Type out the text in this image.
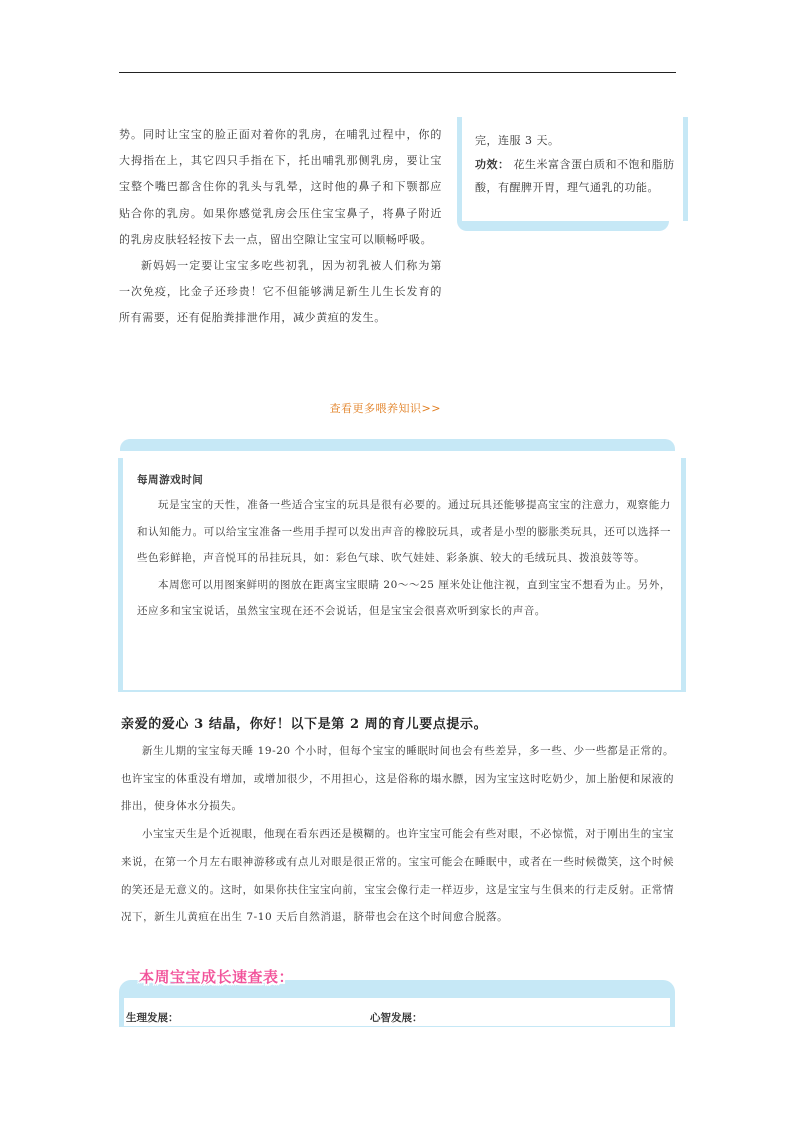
势。同时让宝宝的脸正面对着你的乳房，在哺乳过程中，你的大拇指在上，其它四只手指在下，托出哺乳那侧乳房，要让宝宝整个嘴巴都含住你的乳头与乳晕，这时他的鼻子和下颚都应贴合你的乳房。如果你感觉乳房会压住宝宝鼻子，将鼻子附近的乳房皮肤轻轻按下去一点，留出空隙让宝宝可以顺畅呼吸。

新妈妈一定要让宝宝多吃些初乳，因为初乳被人们称为第一次免疫，比金子还珍贵！它不但能够满足新生儿生长发育的所有需要，还有促胎粪排泄作用，减少黄疸的发生。

查看更多喂养知识>>
完，连服 3 天。
功效： 花生米富含蛋白质和不饱和脂肪酸，有醒脾开胃，理气通乳的功能。
每周游戏时间

玩是宝宝的天性，准备一些适合宝宝的玩具是很有必要的。通过玩具还能够提高宝宝的注意力，观察能力和认知能力。可以给宝宝准备一些用手捏可以发出声音的橡胶玩具，或者是小型的膨胀类玩具，还可以选择一些色彩鲜艳，声音悦耳的吊挂玩具，如：彩色气球、吹气娃娃、彩条旗、较大的毛绒玩具、拨浪鼓等等。

本周您可以用图案鲜明的图放在距离宝宝眼睛 20～～25 厘米处让他注视，直到宝宝不想看为止。另外，还应多和宝宝说话，虽然宝宝现在还不会说话，但是宝宝会很喜欢听到家长的声音。

亲爱的爱心 3 结晶，你好！以下是第 2 周的育儿要点提示。

新生儿期的宝宝每天睡 19-20 个小时，但每个宝宝的睡眠时间也会有些差异，多一些、少一些都是正常的。也许宝宝的体重没有增加，或增加很少，不用担心，这是俗称的塌水膘，因为宝宝这时吃奶少，加上胎便和尿液的排出，使身体水分损失。

小宝宝天生是个近视眼，他现在看东西还是模糊的。也许宝宝可能会有些对眼，不必惊慌，对于刚出生的宝宝来说，在第一个月左右眼神游移或有点儿对眼是很正常的。宝宝可能会在睡眠中，或者在一些时候微笑，这个时候的笑还是无意义的。这时，如果你扶住宝宝向前，宝宝会像行走一样迈步，这是宝宝与生俱来的行走反射。正常情况下，新生儿黄疸在出生 7-10 天后自然消退，脐带也会在这个时间愈合脱落。

本周宝宝成长速查表：
生理发展：	心智发展：
